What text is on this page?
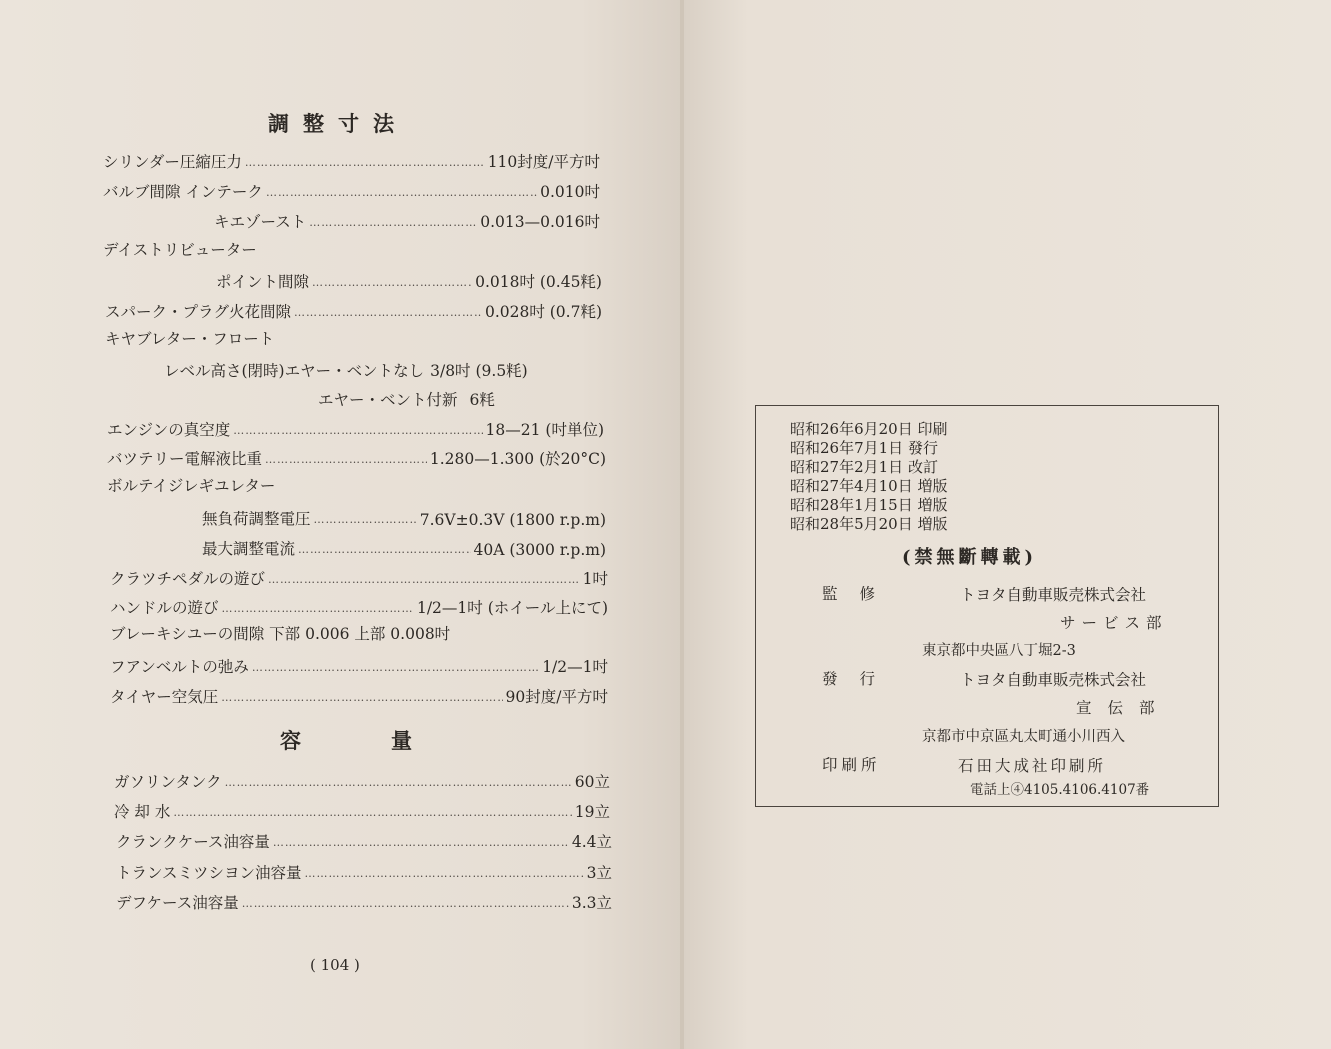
調整寸法
シリンダー圧縮圧力 ……………………………………………………………………………………………………………………………………	110封度/平方吋
バルブ間隙 インテーク ……………………………………………………………………………………………………………………………………	0.010吋
キエゾースト ……………………………………………………………………………………………………………………………………	0.013—0.016吋
デイストリビューター
ポイント間隙 ……………………………………………………………………………………………………………………………………	0.018吋 (0.45粍)
スパーク・プラグ火花間隙 ……………………………………………………………………………………………………………………………………	0.028吋 (0.7粍)
キヤブレター・フロート
レベル高さ(閉時)エヤー・ベントなし 3/8吋 (9.5粍)
エヤー・ベント付新 6粍
エンジンの真空度 ……………………………………………………………………………………………………………………………………	18—21 (吋単位)
バツテリー電解液比重 ……………………………………………………………………………………………………………………………………	1.280—1.300 (於20°C)
ボルテイジレギユレター
無負荷調整電圧 ……………………………………………………………………………………………………………………………………	7.6V±0.3V (1800 r.p.m)
最大調整電流 ……………………………………………………………………………………………………………………………………	40A (3000 r.p.m)
クラツチペダルの遊び ……………………………………………………………………………………………………………………………………	1吋
ハンドルの遊び ……………………………………………………………………………………………………………………………………	1/2—1吋 (ホイール上にて)
ブレーキシユーの間隙 下部 0.006 上部 0.008吋
フアンベルトの弛み ……………………………………………………………………………………………………………………………………	1/2—1吋
タイヤー空気圧 ……………………………………………………………………………………………………………………………………	90封度/平方吋
容量
ガソリンタンク ……………………………………………………………………………………………………………………………………	60立
冷 却 水 ……………………………………………………………………………………………………………………………………	19立
クランクケース油容量 ……………………………………………………………………………………………………………………………………	4.4立
トランスミツシヨン油容量 ……………………………………………………………………………………………………………………………………	3立
デフケース油容量 ……………………………………………………………………………………………………………………………………	3.3立
( 104 )
昭和26年6月20日 印刷
昭和26年7月1日 發行
昭和27年2月1日 改訂
昭和27年4月10日 増版
昭和28年1月15日 増版
昭和28年5月20日 増版
(禁無斷轉載)
監修	トヨタ自動車販売株式会社
サービス部
東京都中央區八丁堀2-3
發行	トヨタ自動車販売株式会社
宣伝部
京都市中京區丸太町通小川西入
印刷所	石田大成社印刷所
電話上④4105.4106.4107番
